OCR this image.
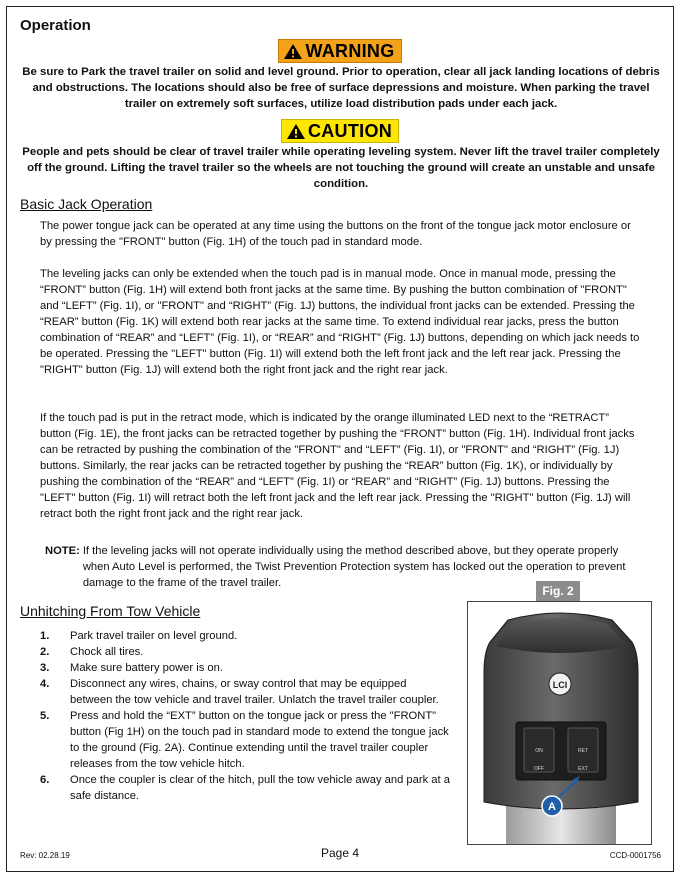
Operation
WARNING
Be sure to Park the travel trailer on solid and level ground. Prior to operation, clear all jack landing locations of debris and obstructions. The locations should also be free of surface depressions and moisture. When parking the travel trailer on extremely soft surfaces, utilize load distribution pads under each jack.
CAUTION
People and pets should be clear of travel trailer while operating leveling system. Never lift the travel trailer completely off the ground. Lifting the travel trailer so the wheels are not touching the ground will create an unstable and unsafe condition.
Basic Jack Operation
The power tongue jack can be operated at any time using the buttons on the front of the tongue jack motor enclosure or by pressing the "FRONT" button (Fig. 1H) of the touch pad in standard mode.
The leveling jacks can only be extended when the touch pad is in manual mode. Once in manual mode, pressing the “FRONT” button (Fig. 1H) will extend both front jacks at the same time. By pushing the button combination of "FRONT" and “LEFT” (Fig. 1I), or "FRONT" and “RIGHT” (Fig. 1J) buttons, the individual front jacks can be extended. Pressing the “REAR” button (Fig. 1K) will extend both rear jacks at the same time. To extend individual rear jacks, press the button combination of “REAR” and “LEFT” (Fig. 1I), or “REAR” and “RIGHT” (Fig. 1J) buttons, depending on which jack needs to be operated. Pressing the "LEFT" button (Fig. 1I) will extend both the left front jack and the left rear jack. Pressing the "RIGHT" button (Fig. 1J) will extend both the right front jack and the right rear jack.
If the touch pad is put in the retract mode, which is indicated by the orange illuminated LED next to the “RETRACT” button (Fig. 1E), the front jacks can be retracted together by pushing the “FRONT” button (Fig. 1H). Individual front jacks can be retracted by pushing the combination of the "FRONT" and “LEFT” (Fig. 1I), or "FRONT" and “RIGHT” (Fig. 1J) buttons. Similarly, the rear jacks can be retracted together by pushing the “REAR” button (Fig. 1K), or individually by pushing the combination of the “REAR” and “LEFT” (Fig. 1I) or “REAR” and “RIGHT” (Fig. 1J) buttons. Pressing the "LEFT" button (Fig. 1I) will retract both the left front jack and the left rear jack. Pressing the "RIGHT" button (Fig. 1J) will retract both the right front jack and the right rear jack.
NOTE: If the leveling jacks will not operate individually using the method described above, but they operate properly when Auto Level is performed, the Twist Prevention Protection system has locked out the operation to prevent damage to the frame of the travel trailer.
Unhitching From Tow Vehicle
1. Park travel trailer on level ground.
2. Chock all tires.
3. Make sure battery power is on.
4. Disconnect any wires, chains, or sway control that may be equipped between the tow vehicle and travel trailer. Unlatch the travel trailer coupler.
5. Press and hold the “EXT” button on the tongue jack or press the "FRONT" button (Fig 1H) on the touch pad in standard mode to extend the tongue jack to the ground (Fig. 2A). Continue extending until the travel trailer coupler releases from the tow vehicle hitch.
6. Once the coupler is clear of the hitch, pull the tow vehicle away and park at a safe distance.
Fig. 2
LCI
ON
OFF
RET
EXT
A
Rev: 02.28.19	Page 4	CCD-0001756
